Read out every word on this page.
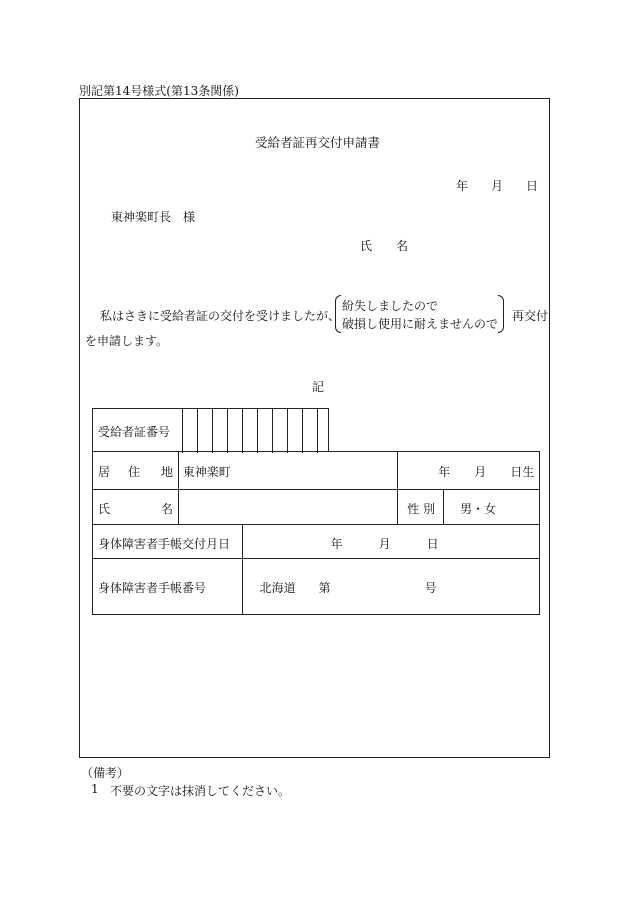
別記第14号様式(第13条関係)
受給者証再交付申請書
年 月 日
東神楽町長　様
氏 名
私はさきに受給者証の交付を受けましたが、
紛失しましたので
破損し使用に耐えませんので
再交付
を申請します。
記
受給者証番号
居 住 地	東神楽町		年 月 日生	

氏 名			性 別	男・女

身体障害者手帳交付月日		年 月 日		

身体障害者手帳番号		北海道 第 号		
（備考）
1 不要の文字は抹消してください。
